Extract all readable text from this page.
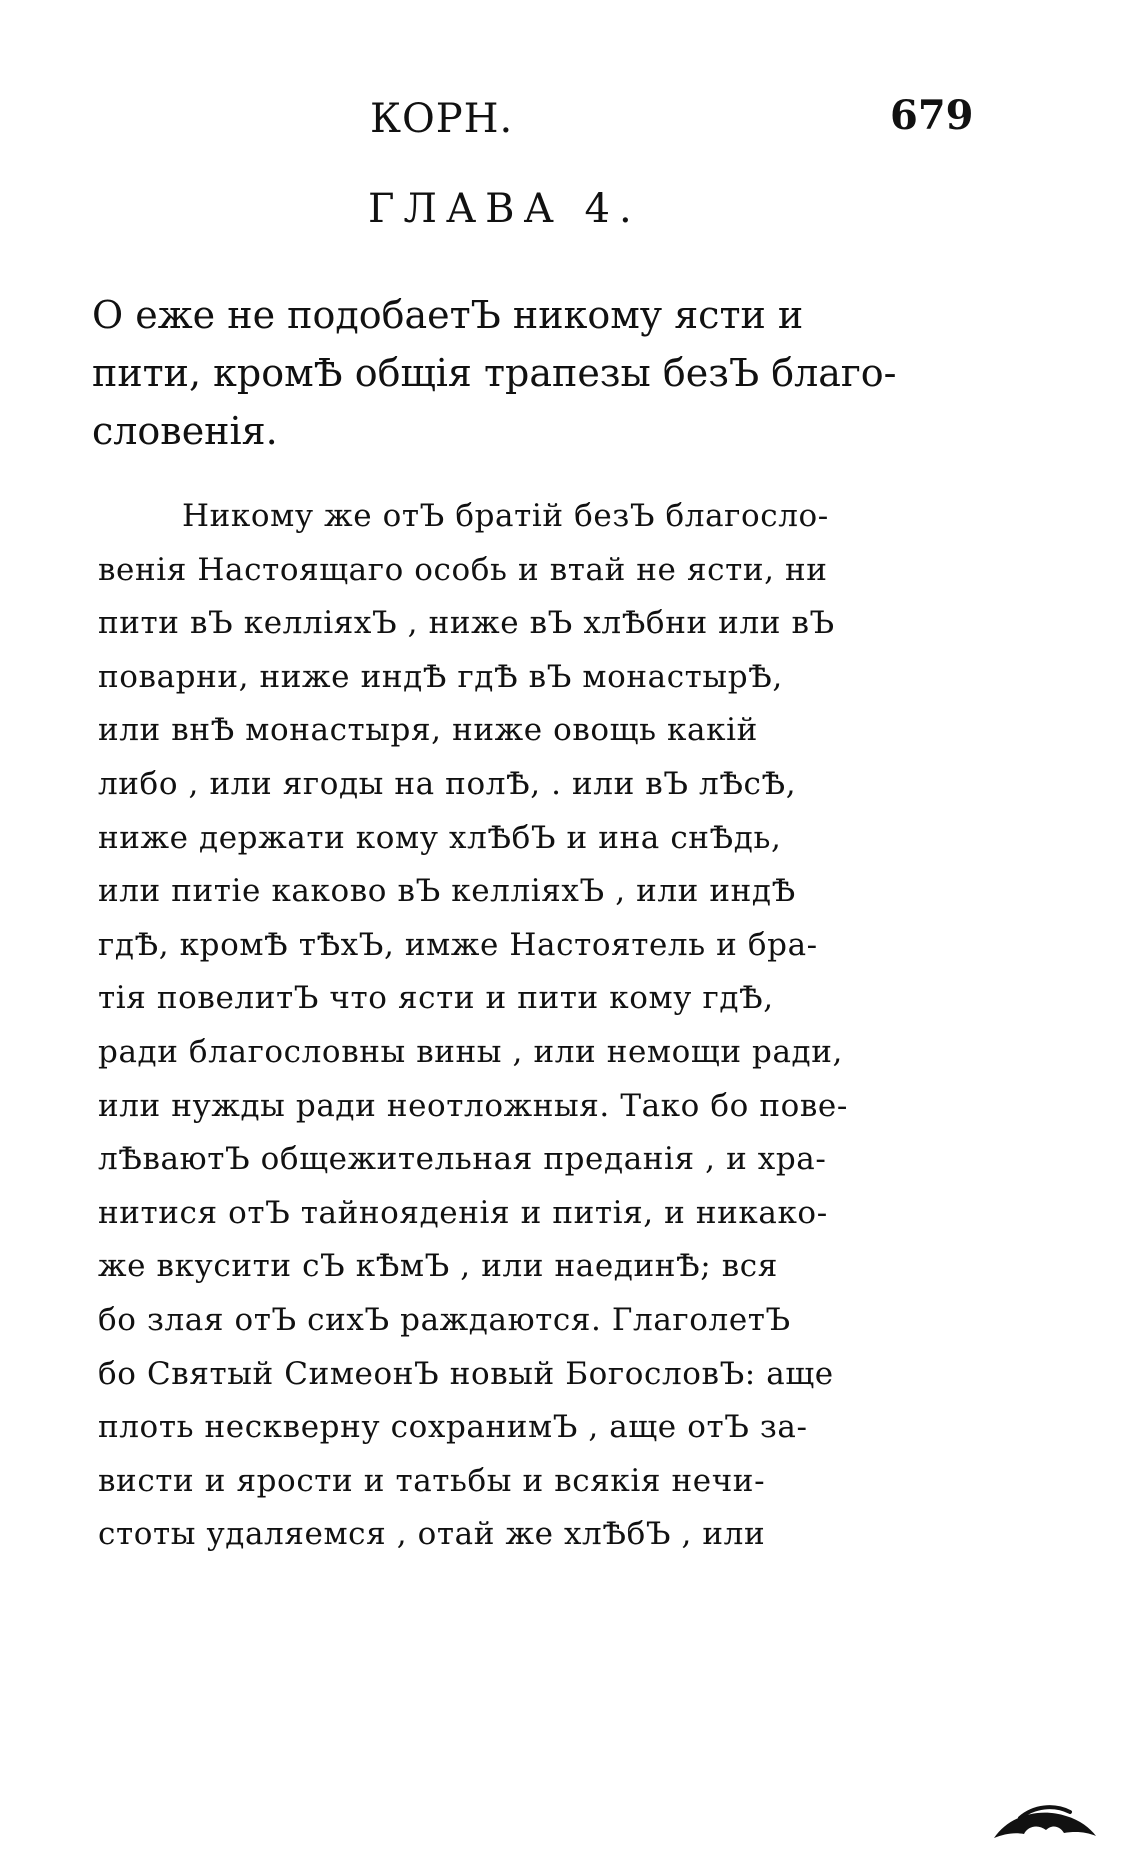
КОРН.	679
ГЛАВА 4.
О еже не подобаетЪ никому ясти и
пити, кромѢ общія трапезы безЪ благо-
словенія.
Никому же отЪ братій безЪ благосло-
венія Настоящаго особь и втай не ясти, ни
пити вЪ келліяхЪ , ниже вЪ хлѢбни или вЪ
поварни, ниже индѢ гдѢ вЪ монастырѢ,
или внѢ монастыря, ниже овощь какій
либо , или ягоды на полѢ, . или вЪ лѢсѢ,
ниже держати кому хлѢбЪ и ина снѢдь,
или питіе каково вЪ келліяхЪ , или индѢ
гдѢ, кромѢ тѢхЪ, имже Настоятель и бра-
тія повелитЪ что ясти и пити кому гдѢ,
ради благословны вины , или немощи ради,
или нужды ради неотложныя. Тако бо пове-
лѢваютЪ общежительная преданія , и хра-
нитися отЪ тайнояденія и питія, и никако-
же вкусити сЪ кѢмЪ , или наединѢ; вся
бо злая отЪ сихЪ раждаются. ГлаголетЪ
бо Святый СимеонЪ новый БогословЪ: аще
плоть нескверну сохранимЪ , аще отЪ за-
висти и ярости и татьбы и всякія нечи-
стоты удаляемся , отай же хлѢбЪ , или
